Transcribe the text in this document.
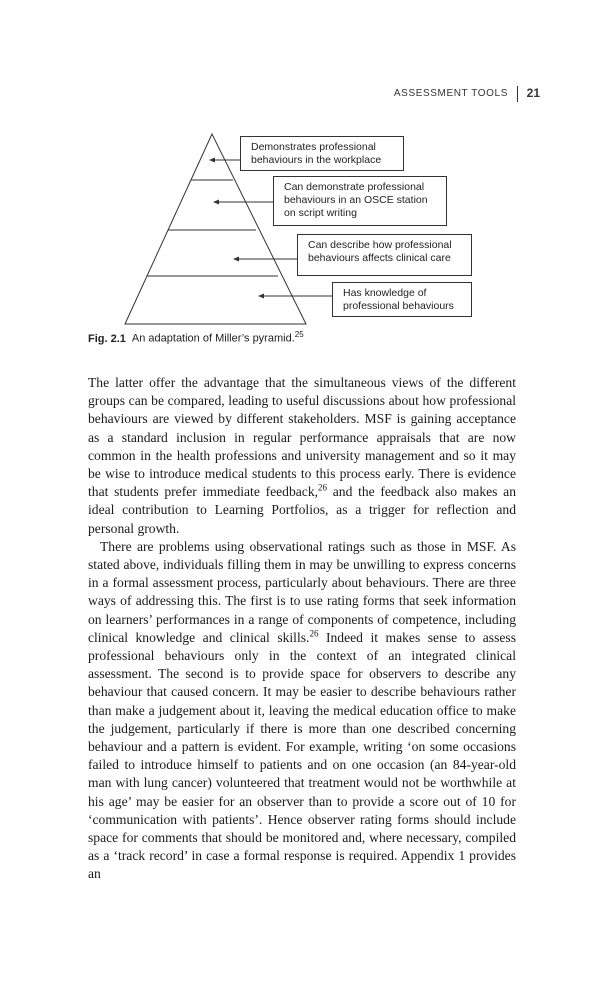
ASSESSMENT TOOLS 21
Demonstrates professional
behaviours in the workplace
Can demonstrate professional
behaviours in an OSCE station
on script writing
Can describe how professional
behaviours affects clinical care
Has knowledge of
professional behaviours
Fig. 2.1 An adaptation of Miller’s pyramid.$^{25}$

The latter offer the advantage that the simultaneous views of the different groups can be compared, leading to useful discussions about how professional behaviours are viewed by different stakeholders. MSF is gaining acceptance as a standard inclusion in regular performance appraisals that are now common in the health professions and university management and so it may be wise to introduce medical students to this process early. There is evidence that students prefer immediate feedback,$^{26}$ and the feedback also makes an ideal contribution to Learning Portfolios, as a trigger for reflection and personal growth.

There are problems using observational ratings such as those in MSF. As stated above, individuals filling them in may be unwilling to express concerns in a formal assessment process, particularly about behaviours. There are three ways of addressing this. The first is to use rating forms that seek information on learners’ performances in a range of components of competence, including clinical knowledge and clinical skills.$^{26}$ Indeed it makes sense to assess professional behaviours only in the context of an integrated clinical assessment. The second is to provide space for observers to describe any behaviour that caused concern. It may be easier to describe behaviours rather than make a judgement about it, leaving the medical education office to make the judgement, particularly if there is more than one described concerning behaviour and a pattern is evident. For example, writing ‘on some occasions failed to introduce himself to patients and on one occasion (an 84-year-old man with lung cancer) volunteered that treatment would not be worthwhile at his age’ may be easier for an observer than to provide a score out of 10 for ‘communication with patients’. Hence observer rating forms should include space for comments that should be monitored and, where necessary, compiled as a ‘track record’ in case a formal response is required. Appendix 1 provides an
